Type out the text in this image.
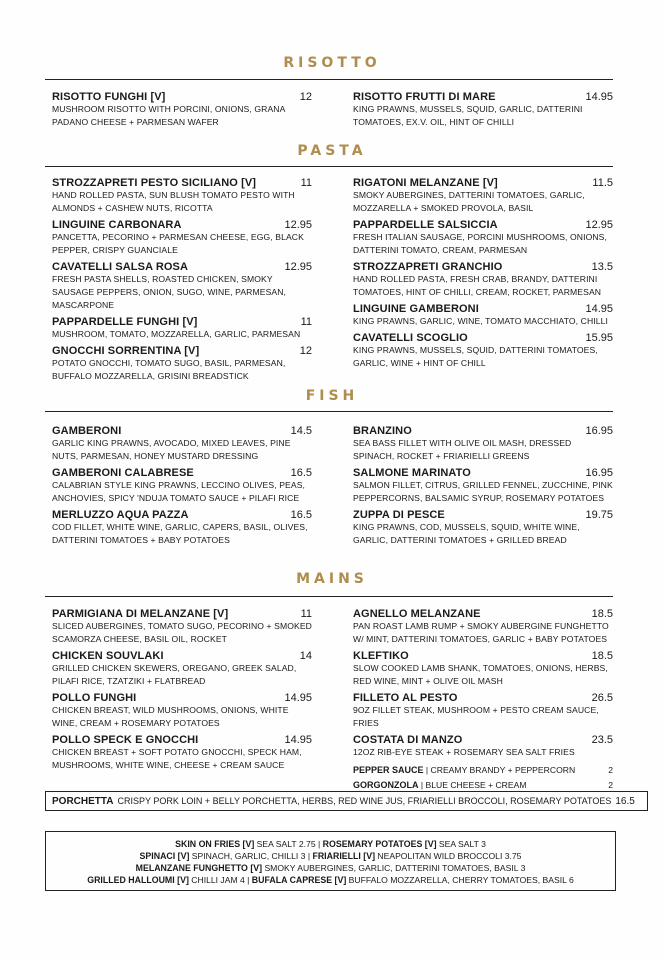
RISOTTO
RISOTTO FUNGHI [V]	12
MUSHROOM RISOTTO WITH PORCINI, ONIONS, GRANA PADANO CHEESE + PARMESAN WAFER
RISOTTO FRUTTI DI MARE	14.95
KING PRAWNS, MUSSELS, SQUID, GARLIC, DATTERINI TOMATOES, EX.V. OIL, HINT OF CHILLI
PASTA
STROZZAPRETI PESTO SICILIANO [V]	11
HAND ROLLED PASTA, SUN BLUSH TOMATO PESTO WITH ALMONDS + CASHEW NUTS, RICOTTA
LINGUINE CARBONARA	12.95
PANCETTA, PECORINO + PARMESAN CHEESE, EGG, BLACK PEPPER, CRISPY GUANCIALE
CAVATELLI SALSA ROSA	12.95
FRESH PASTA SHELLS, ROASTED CHICKEN, SMOKY SAUSAGE PEPPERS, ONION, SUGO, WINE, PARMESAN, MASCARPONE
PAPPARDELLE FUNGHI [V]	11
MUSHROOM, TOMATO, MOZZARELLA, GARLIC, PARMESAN
GNOCCHI SORRENTINA [V]	12
POTATO GNOCCHI, TOMATO SUGO, BASIL, PARMESAN, BUFFALO MOZZARELLA, GRISINI BREADSTICK
RIGATONI MELANZANE [V]	11.5
SMOKY AUBERGINES, DATTERINI TOMATOES, GARLIC, MOZZARELLA + SMOKED PROVOLA, BASIL
PAPPARDELLE SALSICCIA	12.95
FRESH ITALIAN SAUSAGE, PORCINI MUSHROOMS, ONIONS, DATTERINI TOMATO, CREAM, PARMESAN
STROZZAPRETI GRANCHIO	13.5
HAND ROLLED PASTA, FRESH CRAB, BRANDY, DATTERINI TOMATOES, HINT OF CHILLI, CREAM, ROCKET, PARMESAN
LINGUINE GAMBERONI	14.95
KING PRAWNS, GARLIC, WINE, TOMATO MACCHIATO, CHILLI
CAVATELLI SCOGLIO	15.95
KING PRAWNS, MUSSELS, SQUID, DATTERINI TOMATOES, GARLIC, WINE + HINT OF CHILL
FISH
GAMBERONI	14.5
GARLIC KING PRAWNS, AVOCADO, MIXED LEAVES, PINE NUTS, PARMESAN, HONEY MUSTARD DRESSING
GAMBERONI CALABRESE	16.5
CALABRIAN STYLE KING PRAWNS, LECCINO OLIVES, PEAS, ANCHOVIES, SPICY 'NDUJA TOMATO SAUCE + PILAFI RICE
MERLUZZO AQUA PAZZA	16.5
COD FILLET, WHITE WINE, GARLIC, CAPERS, BASIL, OLIVES, DATTERINI TOMATOES + BABY POTATOES
BRANZINO	16.95
SEA BASS FILLET WITH OLIVE OIL MASH, DRESSED SPINACH, ROCKET + FRIARIELLI GREENS
SALMONE MARINATO	16.95
SALMON FILLET, CITRUS, GRILLED FENNEL, ZUCCHINE, PINK PEPPERCORNS, BALSAMIC SYRUP, ROSEMARY POTATOES
ZUPPA DI PESCE	19.75
KING PRAWNS, COD, MUSSELS, SQUID, WHITE WINE, GARLIC, DATTERINI TOMATOES + GRILLED BREAD
MAINS
PARMIGIANA DI MELANZANE [V]	11
SLICED AUBERGINES, TOMATO SUGO, PECORINO + SMOKED SCAMORZA CHEESE, BASIL OIL, ROCKET
CHICKEN SOUVLAKI	14
GRILLED CHICKEN SKEWERS, OREGANO, GREEK SALAD, PILAFI RICE, TZATZIKI + FLATBREAD
POLLO FUNGHI	14.95
CHICKEN BREAST, WILD MUSHROOMS, ONIONS, WHITE WINE, CREAM + ROSEMARY POTATOES
POLLO SPECK E GNOCCHI	14.95
CHICKEN BREAST + SOFT POTATO GNOCCHI, SPECK HAM, MUSHROOMS, WHITE WINE, CHEESE + CREAM SAUCE
AGNELLO MELANZANE	18.5
PAN ROAST LAMB RUMP + SMOKY AUBERGINE FUNGHETTO W/ MINT, DATTERINI TOMATOES, GARLIC + BABY POTATOES
KLEFTIKO	18.5
SLOW COOKED LAMB SHANK, TOMATOES, ONIONS, HERBS, RED WINE, MINT + OLIVE OIL MASH
FILLETO AL PESTO	26.5
9OZ FILLET STEAK, MUSHROOM + PESTO CREAM SAUCE, FRIES
COSTATA DI MANZO	23.5
12OZ RIB-EYE STEAK + ROSEMARY SEA SALT FRIES
PEPPER SAUCE | CREAMY BRANDY + PEPPERCORN	2
GORGONZOLA | BLUE CHEESE + CREAM	2
PORCHETTA CRISPY PORK LOIN + BELLY PORCHETTA, HERBS, RED WINE JUS, FRIARIELLI BROCCOLI, ROSEMARY POTATOES 16.5
SKIN ON FRIES [V] SEA SALT 2.75 | ROSEMARY POTATOES [V] SEA SALT 3
SPINACI [V] SPINACH, GARLIC, CHILLI 3 | FRIARIELLI [V] NEAPOLITAN WILD BROCCOLI 3.75
MELANZANE FUNGHETTO [V] SMOKY AUBERGINES, GARLIC, DATTERINI TOMATOES, BASIL 3
GRILLED HALLOUMI [V] CHILLI JAM 4 | BUFALA CAPRESE [V] BUFFALO MOZZARELLA, CHERRY TOMATOES, BASIL 6
